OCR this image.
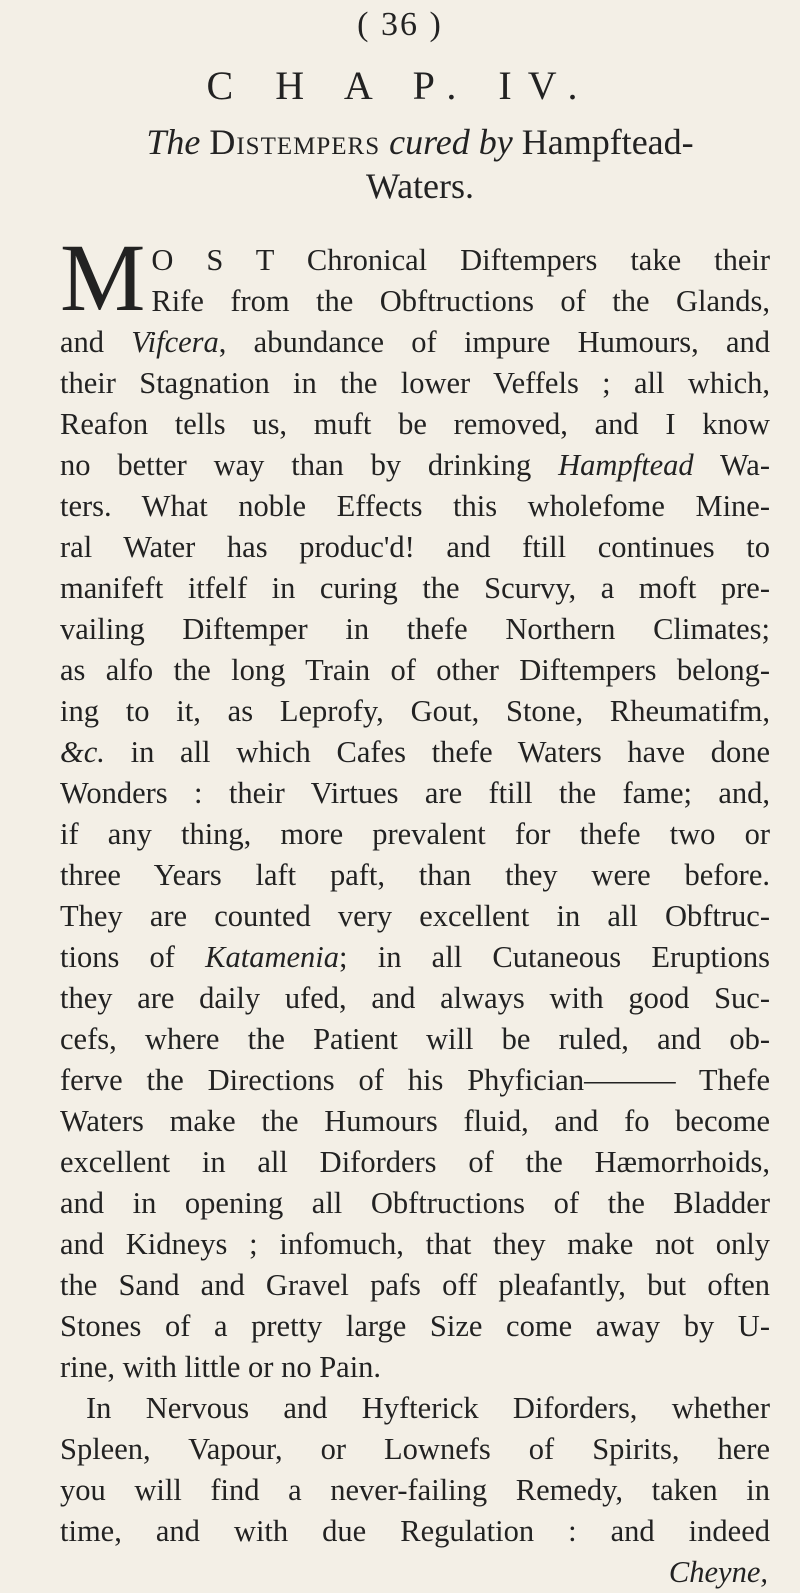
( 36 )
C H A P. IV.
The Distempers cured by Hampftead-
Waters.
M O S T Chronical Diftempers take their
Rife from the Obftructions of the Glands,
and Vifcera, abundance of impure Humours, and
their Stagnation in the lower Veffels ; all which,
Reafon tells us, muft be removed, and I know
no better way than by drinking Hampftead Wa-
ters. What noble Effects this wholefome Mine-
ral Water has produc'd! and ftill continues to
manifeft itfelf in curing the Scurvy, a moft pre-
vailing Diftemper in thefe Northern Climates;
as alfo the long Train of other Diftempers belong-
ing to it, as Leprofy, Gout, Stone, Rheumatifm,
&c. in all which Cafes thefe Waters have done
Wonders : their Virtues are ftill the fame; and,
if any thing, more prevalent for thefe two or
three Years laft paft, than they were before.
They are counted very excellent in all Obftruc-
tions of Katamenia; in all Cutaneous Eruptions
they are daily ufed, and always with good Suc-
cefs, where the Patient will be ruled, and ob-
ferve the Directions of his Phyfician——— Thefe
Waters make the Humours fluid, and fo become
excellent in all Diforders of the Hæmorrhoids,
and in opening all Obftructions of the Bladder
and Kidneys ; infomuch, that they make not only
the Sand and Gravel pafs off pleafantly, but often
Stones of a pretty large Size come away by U-
rine, with little or no Pain.
In Nervous and Hyfterick Diforders, whether
Spleen, Vapour, or Lownefs of Spirits, here
you will find a never-failing Remedy, taken in
time, and with due Regulation : and indeed
Cheyne,
